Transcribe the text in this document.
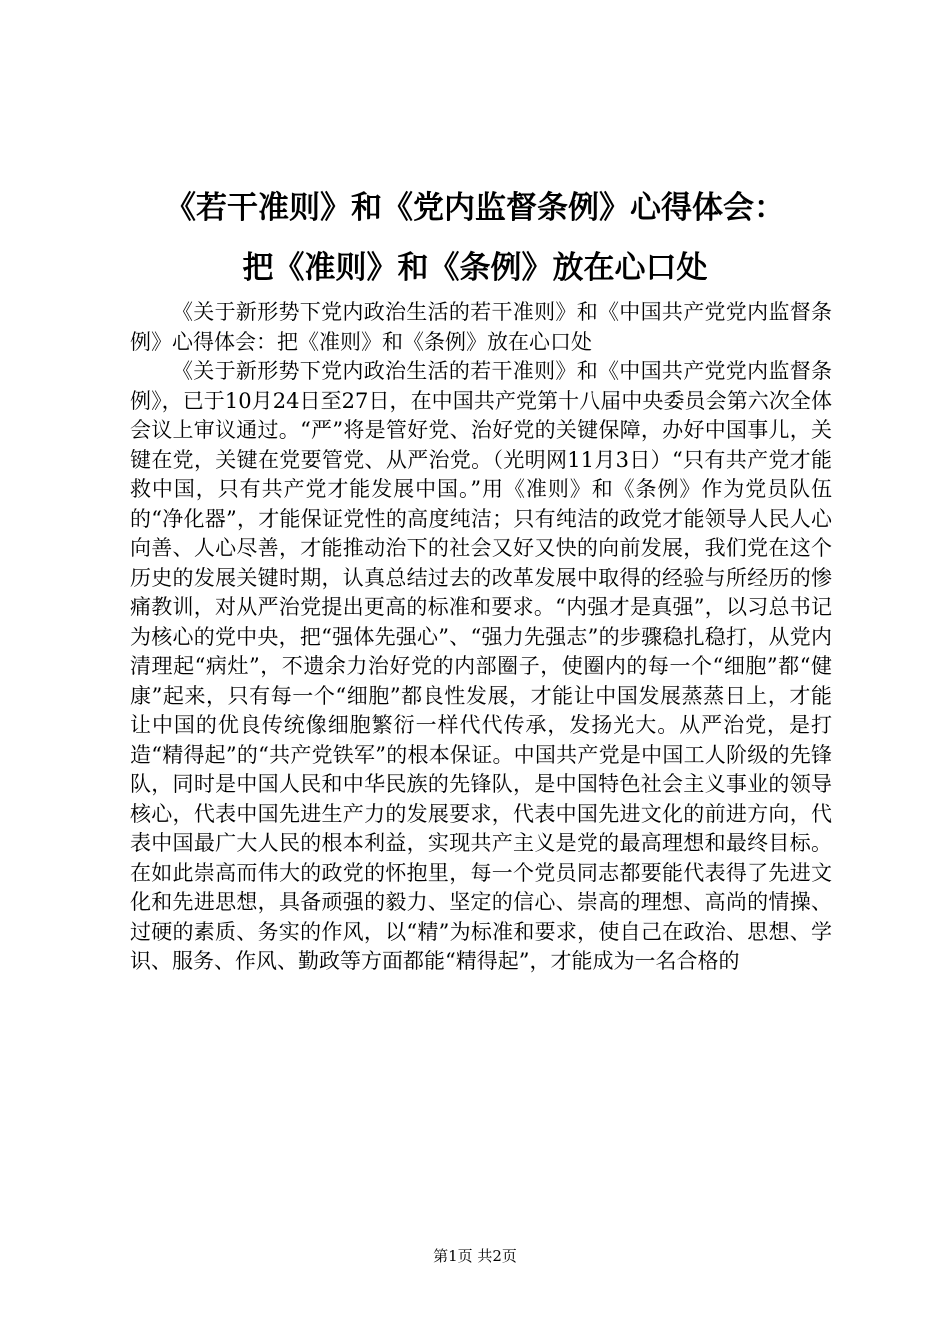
《若干准则》和《党内监督条例》心得体会：
把《准则》和《条例》放在心口处

《关于新形势下党内政治生活的若干准则》和《中国共产党党内监督条例》心得体会：把《准则》和《条例》放在心口处

《关于新形势下党内政治生活的若干准则》和《中国共产党党内监督条例》，已于10月24日至27日，在中国共产党第十八届中央委员会第六次全体会议上审议通过。“严”将是管好党、治好党的关键保障，办好中国事儿，关键在党，关键在党要管党、从严治党。（光明网11月3日）“只有共产党才能救中国，只有共产党才能发展中国。”用《准则》和《条例》作为党员队伍的“净化器”，才能保证党性的高度纯洁；只有纯洁的政党才能领导人民人心向善、人心尽善，才能推动治下的社会又好又快的向前发展，我们党在这个历史的发展关键时期，认真总结过去的改革发展中取得的经验与所经历的惨痛教训，对从严治党提出更高的标准和要求。“内强才是真强”，以习总书记为核心的党中央，把“强体先强心”、“强力先强志”的步骤稳扎稳打，从党内清理起“病灶”，不遗余力治好党的内部圈子，使圈内的每一个“细胞”都“健康”起来，只有每一个“细胞”都良性发展，才能让中国发展蒸蒸日上，才能让中国的优良传统像细胞繁衍一样代代传承，发扬光大。从严治党，是打造“精得起”的“共产党铁军”的根本保证。中国共产党是中国工人阶级的先锋队，同时是中国人民和中华民族的先锋队，是中国特色社会主义事业的领导核心，代表中国先进生产力的发展要求，代表中国先进文化的前进方向，代表中国最广大人民的根本利益，实现共产主义是党的最高理想和最终目标。在如此崇高而伟大的政党的怀抱里，每一个党员同志都要能代表得了先进文化和先进思想，具备顽强的毅力、坚定的信心、崇高的理想、高尚的情操、过硬的素质、务实的作风，以“精”为标准和要求，使自己在政治、思想、学识、服务、作风、勤政等方面都能“精得起”，才能成为一名合格的

第1页 共2页
